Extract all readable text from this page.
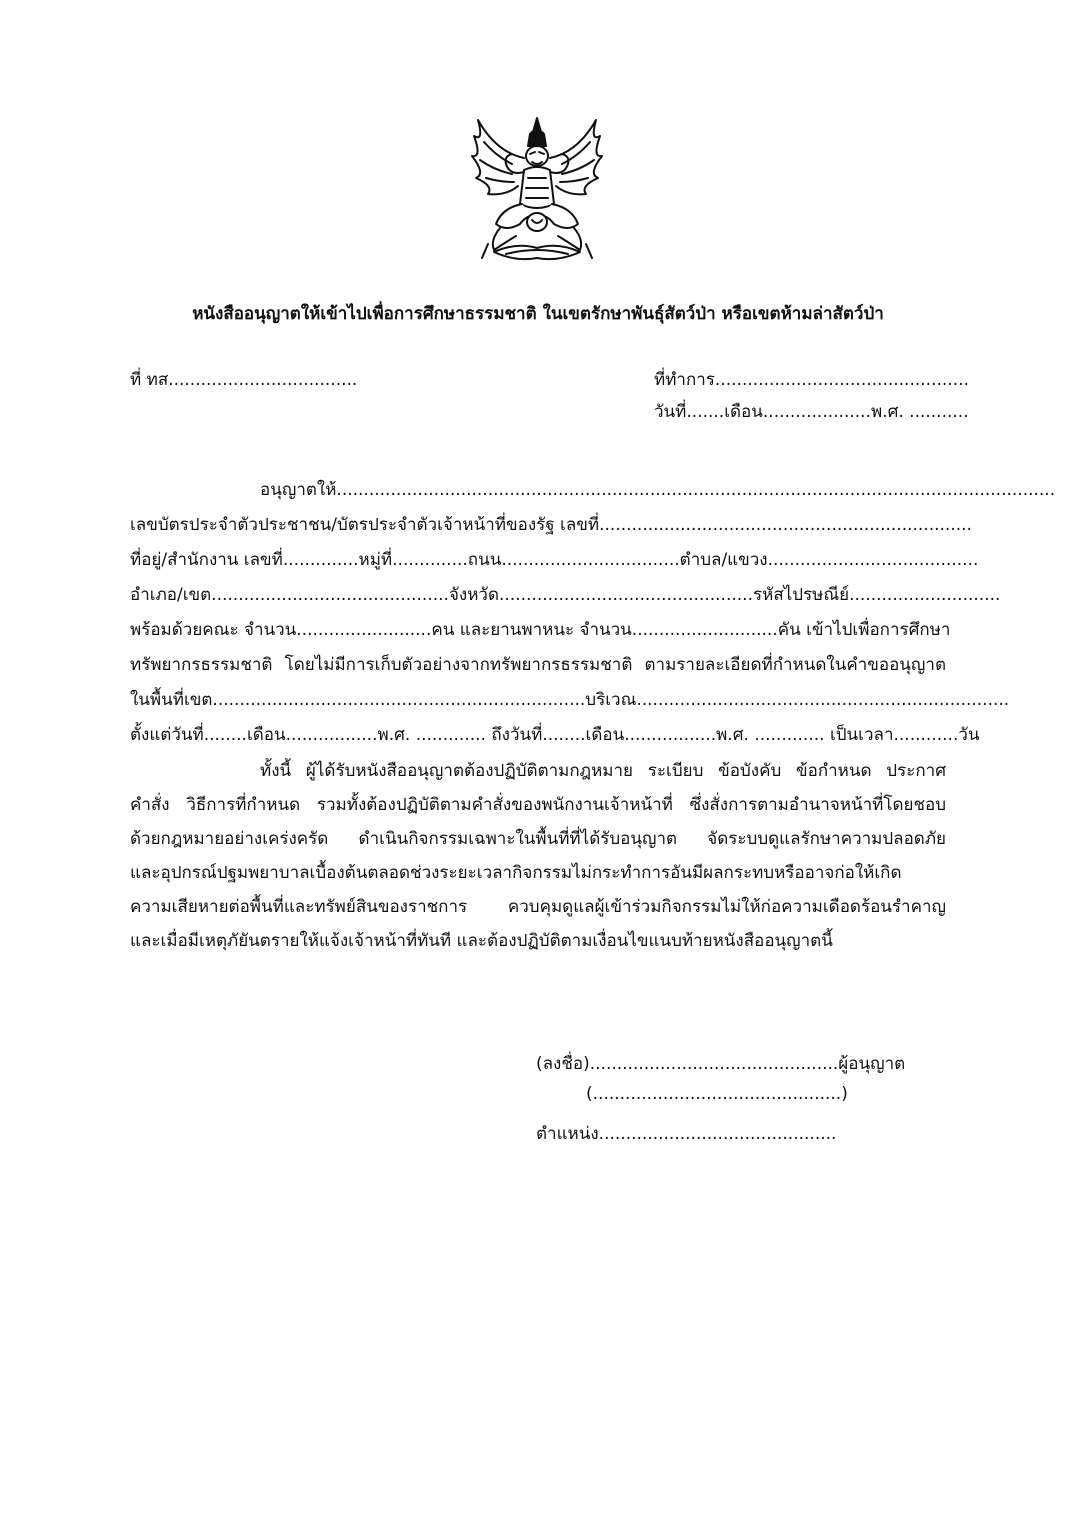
หนังสืออนุญาตให้เข้าไปเพื่อการศึกษาธรรมชาติ ในเขตรักษาพันธุ์สัตว์ป่า หรือเขตห้ามล่าสัตว์ป่า
ที่ ทส...................................	ที่ทำการ...............................................
วันที่.......เดือน....................พ.ศ. ...........
อนุญาตให้.....................................................................................................................................
เลขบัตรประจำตัวประชาชน/บัตรประจำตัวเจ้าหน้าที่ของรัฐ เลขที่.....................................................................
ที่อยู่/สำนักงาน เลขที่..............หมู่ที่..............ถนน.................................ตำบล/แขวง.......................................
อำเภอ/เขต............................................จังหวัด...............................................รหัสไปรษณีย์............................
พร้อมด้วยคณะ จำนวน.........................คน และยานพาหนะ จำนวน...........................คัน เข้าไปเพื่อการศึกษา
ทรัพยากรธรรมชาติ โดยไม่มีการเก็บตัวอย่างจากทรัพยากรธรรมชาติ ตามรายละเอียดที่กำหนดในคำขออนุญาต
ในพื้นที่เขต.....................................................................บริเวณ.....................................................................
ตั้งแต่วันที่........เดือน.................พ.ศ. ............. ถึงวันที่........เดือน.................พ.ศ. ............. เป็นเวลา............วัน
ทั้งนี้ ผู้ได้รับหนังสืออนุญาตต้องปฏิบัติตามกฎหมาย ระเบียบ ข้อบังคับ ข้อกำหนด ประกาศ
คำสั่ง วิธีการที่กำหนด รวมทั้งต้องปฏิบัติตามคำสั่งของพนักงานเจ้าหน้าที่ ซึ่งสั่งการตามอำนาจหน้าที่โดยชอบ
ด้วยกฎหมายอย่างเคร่งครัด ดำเนินกิจกรรมเฉพาะในพื้นที่ที่ได้รับอนุญาต จัดระบบดูแลรักษาความปลอดภัย
และอุปกรณ์ปฐมพยาบาลเบื้องต้นตลอดช่วงระยะเวลากิจกรรมไม่กระทำการอันมีผลกระทบหรืออาจก่อให้เกิด
ความเสียหายต่อพื้นที่และทรัพย์สินของราชการ ควบคุมดูแลผู้เข้าร่วมกิจกรรมไม่ให้ก่อความเดือดร้อนรำคาญ
และเมื่อมีเหตุภัยันตรายให้แจ้งเจ้าหน้าที่ทันที และต้องปฏิบัติตามเงื่อนไขแนบท้ายหนังสืออนุญาตนี้
(ลงชื่อ)..............................................ผู้อนุญาต
(..............................................)
ตำแหน่ง............................................
